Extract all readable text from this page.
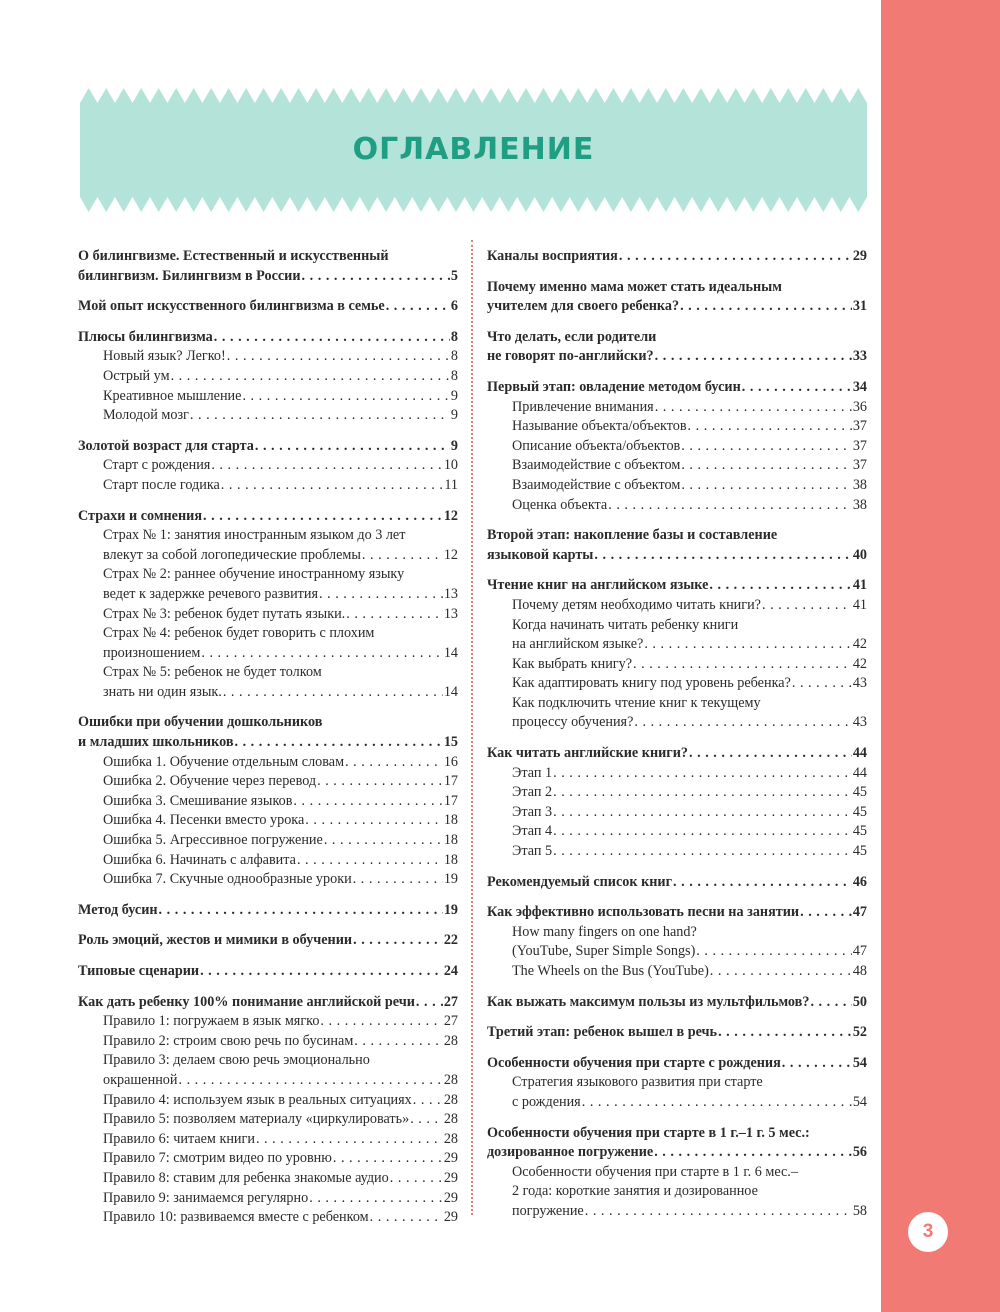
3
ОГЛАВЛЕНИЕ
О билингвизме. Естественный и искусственный
билингвизм. Билингвизм в России . . .	5
Мой опыт искусственного билингвизма в семье . . .	6
Плюсы билингвизма . . .	8
Новый язык? Легко! . . .	8
Острый ум . . .	8
Креативное мышление . . .	9
Молодой мозг . . .	9
Золотой возраст для старта . . .	9
Старт с рождения . . .	10
Старт после годика . . .	11
Страхи и сомнения . . .	12
Страх № 1: занятия иностранным языком до 3 лет
влекут за собой логопедические проблемы . . .	12
Страх № 2: раннее обучение иностранному языку
ведет к задержке речевого развития . . .	13
Страх № 3: ребенок будет путать языки. . . .	13
Страх № 4: ребенок будет говорить с плохим
произношением . . .	14
Страх № 5: ребенок не будет толком
знать ни один язык. . . .	14
Ошибки при обучении дошкольников
и младших школьников . . .	15
Ошибка 1. Обучение отдельным словам . . .	16
Ошибка 2. Обучение через перевод . . .	17
Ошибка 3. Смешивание языков . . .	17
Ошибка 4. Песенки вместо урока . . .	18
Ошибка 5. Агрессивное погружение . . .	18
Ошибка 6. Начинать с алфавита . . .	18
Ошибка 7. Скучные однообразные уроки . . .	19
Метод бусин . . .	19
Роль эмоций, жестов и мимики в обучении . . .	22
Типовые сценарии . . .	24
Как дать ребенку 100% понимание английской речи . . . 27
Правило 1: погружаем в язык мягко . . .	27
Правило 2: строим свою речь по бусинам . . .	28
Правило 3: делаем свою речь эмоционально
окрашенной . . .	28
Правило 4: используем язык в реальных ситуациях . . . 28
Правило 5: позволяем материалу «циркулировать» . . . 28
Правило 6: читаем книги . . .	28
Правило 7: смотрим видео по уровню . . .	29
Правило 8: ставим для ребенка знакомые аудио . . .	29
Правило 9: занимаемся регулярно . . .	29
Правило 10: развиваемся вместе с ребенком . . .	29
Каналы восприятия . . .	29
Почему именно мама может стать идеальным
учителем для своего ребенка? . . .	31
Что делать, если родители
не говорят по-английски? . . .	33
Первый этап: овладение методом бусин . . .	34
Привлечение внимания . . .	36
Называние объекта/объектов . . .	37
Описание объекта/объектов . . .	37
Взаимодействие с объектом . . .	37
Взаимодействие с объектом . . .	38
Оценка объекта . . .	38
Второй этап: накопление базы и составление
языковой карты . . .	40
Чтение книг на английском языке . . .	41
Почему детям необходимо читать книги? . . .	41
Когда начинать читать ребенку книги
на английском языке? . . .	42
Как выбрать книгу? . . .	42
Как адаптировать книгу под уровень ребенка? . . .	43
Как подключить чтение книг к текущему
процессу обучения? . . .	43
Как читать английские книги? . . .	44
Этап 1 . . .	44
Этап 2 . . .	45
Этап 3 . . .	45
Этап 4 . . .	45
Этап 5 . . .	45
Рекомендуемый список книг . . .	46
Как эффективно использовать песни на занятии . . .	47
How many fingers on one hand?
(YouTube, Super Simple Songs) . . .	47
The Wheels on the Bus (YouTube) . . .	48
Как выжать максимум пользы из мультфильмов? . . .	50
Третий этап: ребенок вышел в речь . . .	52
Особенности обучения при старте с рождения . . .	54
Стратегия языкового развития при старте
с рождения . . .	54
Особенности обучения при старте в 1 г.–1 г. 5 мес.:
дозированное погружение . . .	56
Особенности обучения при старте в 1 г. 6 мес.–
2 года: короткие занятия и дозированное
погружение . . .	58
